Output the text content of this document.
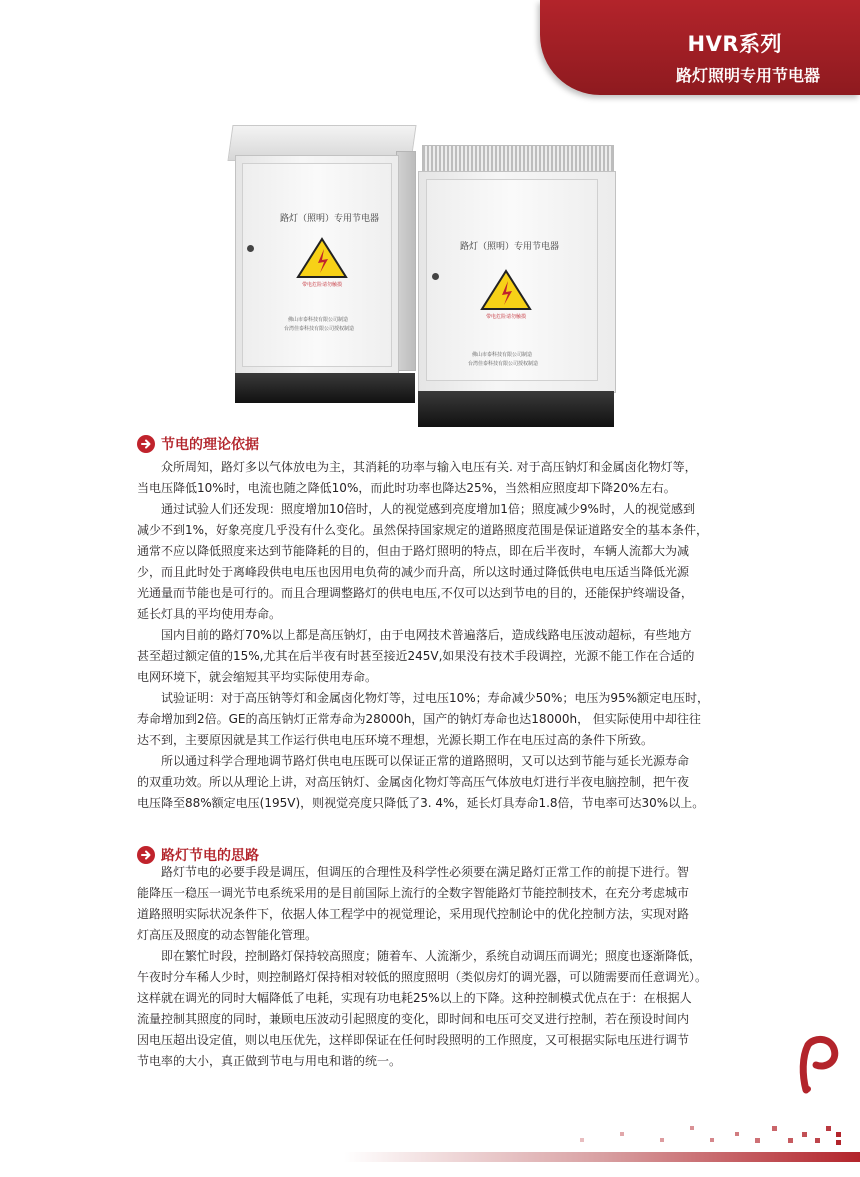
HVR系列
路灯照明专用节电器
路灯（照明）专用节电器
带电危险请勿触摸
佛山市泰科技有限公司制造
台湾佳泰科技有限公司授权制造
路灯（照明）专用节电器
带电危险请勿触摸
佛山市泰科技有限公司制造
台湾佳泰科技有限公司授权制造
节电的理论依据
众所周知，路灯多以气体放电为主，其消耗的功率与输入电压有关. 对于高压钠灯和金属卤化物灯等，
当电压降低10%时，电流也随之降低10%，而此时功率也降达25%，当然相应照度却下降20%左右。
通过试验人们还发现：照度增加10倍时，人的视觉感到亮度增加1倍；照度减少9%时，人的视觉感到
减少不到1%，好象亮度几乎没有什么变化。虽然保持国家规定的道路照度范围是保证道路安全的基本条件，
通常不应以降低照度来达到节能降耗的目的，但由于路灯照明的特点，即在后半夜时，车辆人流都大为减
少，而且此时处于离峰段供电电压也因用电负荷的减少而升高，所以这时通过降低供电电压适当降低光源
光通量而节能也是可行的。而且合理调整路灯的供电电压,不仅可以达到节电的目的，还能保护终端设备，
延长灯具的平均使用寿命。
国内目前的路灯70%以上都是高压钠灯，由于电网技术普遍落后，造成线路电压波动超标，有些地方
甚至超过额定值的15%,尤其在后半夜有时甚至接近245V,如果没有技术手段调控，光源不能工作在合适的
电网环境下，就会缩短其平均实际使用寿命。
试验证明：对于高压钠等灯和金属卤化物灯等，过电压10%；寿命减少50%；电压为95%额定电压时，
寿命增加到2倍。GE的高压钠灯正常寿命为28000h，国产的钠灯寿命也达18000h， 但实际使用中却往往
达不到，主要原因就是其工作运行供电电压环境不理想，光源长期工作在电压过高的条件下所致。
所以通过科学合理地调节路灯供电电压既可以保证正常的道路照明，又可以达到节能与延长光源寿命
的双重功效。所以从理论上讲，对高压钠灯、金属卤化物灯等高压气体放电灯进行半夜电脑控制，把午夜
电压降至88%额定电压(195V)，则视觉亮度只降低了3. 4%，延长灯具寿命1.8倍，节电率可达30%以上。
路灯节电的思路
路灯节电的必要手段是调压，但调压的合理性及科学性必须要在满足路灯正常工作的前提下进行。智
能降压一稳压一调光节电系统采用的是目前国际上流行的全数字智能路灯节能控制技术，在充分考虑城市
道路照明实际状况条件下，依据人体工程学中的视觉理论，采用现代控制论中的优化控制方法，实现对路
灯高压及照度的动态智能化管理。
即在繁忙时段，控制路灯保持较高照度；随着车、人流渐少，系统自动调压而调光；照度也逐渐降低，
午夜时分车稀人少时，则控制路灯保持相对较低的照度照明（类似房灯的调光器，可以随需要而任意调光）。
这样就在调光的同时大幅降低了电耗，实现有功电耗25%以上的下降。这种控制模式优点在于：在根据人
流量控制其照度的同时，兼顾电压波动引起照度的变化，即时间和电压可交叉进行控制，若在预设时间内
因电压超出设定值，则以电压优先，这样即保证在任何时段照明的工作照度，又可根据实际电压进行调节
节电率的大小，真正做到节电与用电和谐的统一。
42
